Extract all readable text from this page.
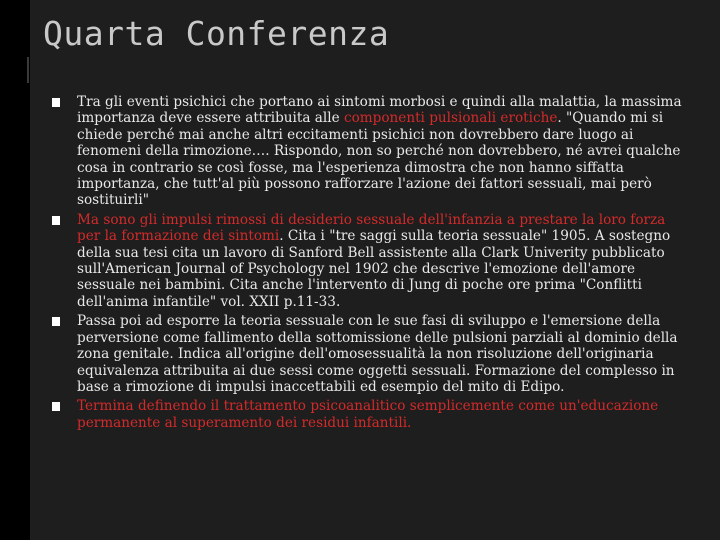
Quarta Conferenza
Tra gli eventi psichici che portano ai sintomi morbosi e quindi alla malattia, la massima importanza deve essere attribuita alle componenti pulsionali erotiche. "Quando mi si chiede perché mai anche altri eccitamenti psichici non dovrebbero dare luogo ai fenomeni della rimozione…. Rispondo, non so perché non dovrebbero, né avrei qualche cosa in contrario se così fosse, ma l'esperienza dimostra che non hanno siffatta importanza, che tutt'al più possono rafforzare l'azione dei fattori sessuali, mai però sostituirli"
Ma sono gli impulsi rimossi di desiderio sessuale dell'infanzia a prestare la loro forza per la formazione dei sintomi. Cita i "tre saggi sulla teoria sessuale" 1905. A sostegno della sua tesi cita un lavoro di Sanford Bell assistente alla Clark Univerity pubblicato sull'American Journal of Psychology nel 1902 che descrive l'emozione dell'amore sessuale nei bambini. Cita anche l'intervento di Jung di poche ore prima "Conflitti dell'anima infantile" vol. XXII p.11-33.
Passa poi ad esporre la teoria sessuale con le sue fasi di sviluppo e l'emersione della perversione come fallimento della sottomissione delle pulsioni parziali al dominio della zona genitale. Indica all'origine dell'omosessualità la non risoluzione dell'originaria equivalenza attribuita ai due sessi come oggetti sessuali. Formazione del complesso in base a rimozione di impulsi inaccettabili ed esempio del mito di Edipo.
Termina definendo il trattamento psicoanalitico semplicemente come un'educazione permanente al superamento dei residui infantili.
